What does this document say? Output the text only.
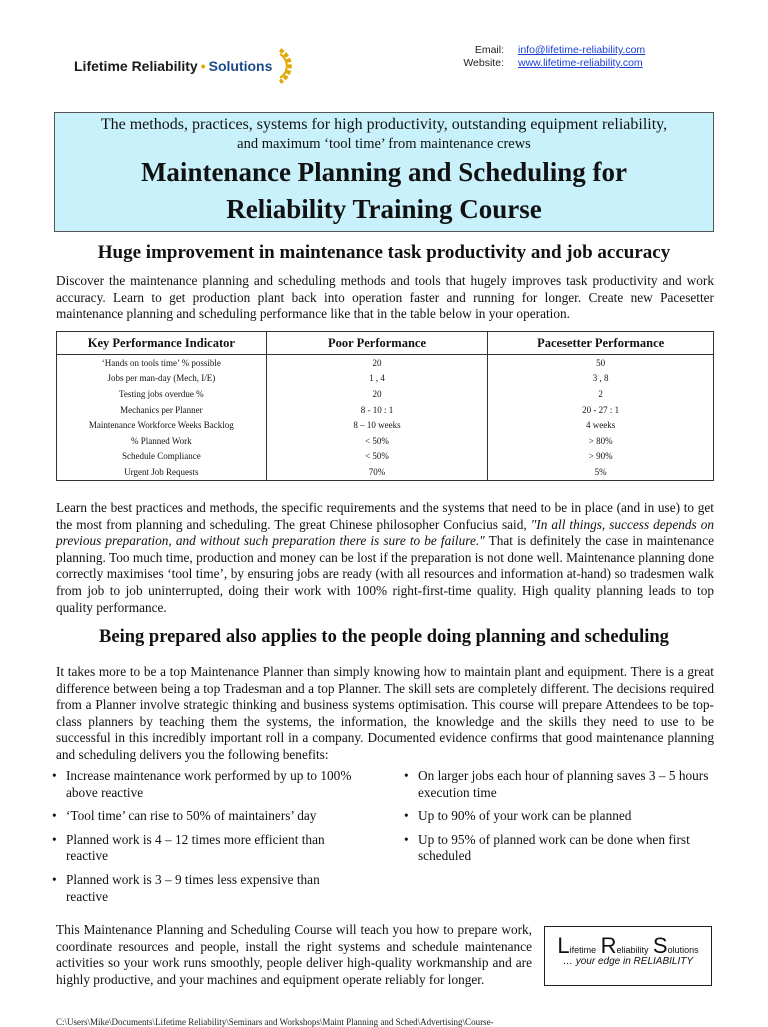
Lifetime Reliability • Solutions
Email: info@lifetime-reliability.com
Website: www.lifetime-reliability.com
The methods, practices, systems for high productivity, outstanding equipment reliability,
and maximum ‘tool time’ from maintenance crews
Maintenance Planning and Scheduling for
Reliability Training Course
Huge improvement in maintenance task productivity and job accuracy
Discover the maintenance planning and scheduling methods and tools that hugely improves task productivity and work accuracy. Learn to get production plant back into operation faster and running for longer. Create new Pacesetter maintenance planning and scheduling performance like that in the table below in your operation.
Key Performance Indicator	Poor Performance	Pacesetter Performance
‘Hands on tools time’ % possible	20	50
Jobs per man-day (Mech, I/E)	1 , 4	3 , 8
Testing jobs overdue %	20	2
Mechanics per Planner	8 - 10 : 1	20 - 27 : 1
Maintenance Workforce Weeks Backlog	8 – 10 weeks	4 weeks
% Planned Work	< 50%	> 80%
Schedule Compliance	< 50%	> 90%
Urgent Job Requests	70%	5%
Learn the best practices and methods, the specific requirements and the systems that need to be in place (and in use) to get the most from planning and scheduling. The great Chinese philosopher Confucius said, "In all things, success depends on previous preparation, and without such preparation there is sure to be failure." That is definitely the case in maintenance planning. Too much time, production and money can be lost if the preparation is not done well. Maintenance planning done correctly maximises ‘tool time’, by ensuring jobs are ready (with all resources and information at-hand) so tradesmen walk from job to job uninterrupted, doing their work with 100% right-first-time quality. High quality planning leads to top quality performance.
Being prepared also applies to the people doing planning and scheduling
It takes more to be a top Maintenance Planner than simply knowing how to maintain plant and equipment. There is a great difference between being a top Tradesman and a top Planner. The skill sets are completely different. The decisions required from a Planner involve strategic thinking and business systems optimisation. This course will prepare Attendees to be top-class planners by teaching them the systems, the information, the knowledge and the skills they need to use to be successful in this incredibly important roll in a company. Documented evidence confirms that good maintenance planning and scheduling delivers you the following benefits:
• Increase maintenance work performed by up to 100% above reactive
• ‘Tool time’ can rise to 50% of maintainers’ day
• Planned work is 4 – 12 times more efficient than reactive
• Planned work is 3 – 9 times less expensive than reactive
• On larger jobs each hour of planning saves 3 – 5 hours execution time
• Up to 90% of your work can be planned
• Up to 95% of planned work can be done when first scheduled
This Maintenance Planning and Scheduling Course will teach you how to prepare work, coordinate resources and people, install the right systems and schedule maintenance activities so your work runs smoothly, people deliver high-quality workmanship and are highly productive, and your machines and equipment operate reliably for longer.
Lifetime Reliability Solutions
… your edge in RELIABILITY
C:\Users\Mike\Documents\Lifetime Reliability\Seminars and Workshops\Maint Planning and Sched\Advertising\Course-
